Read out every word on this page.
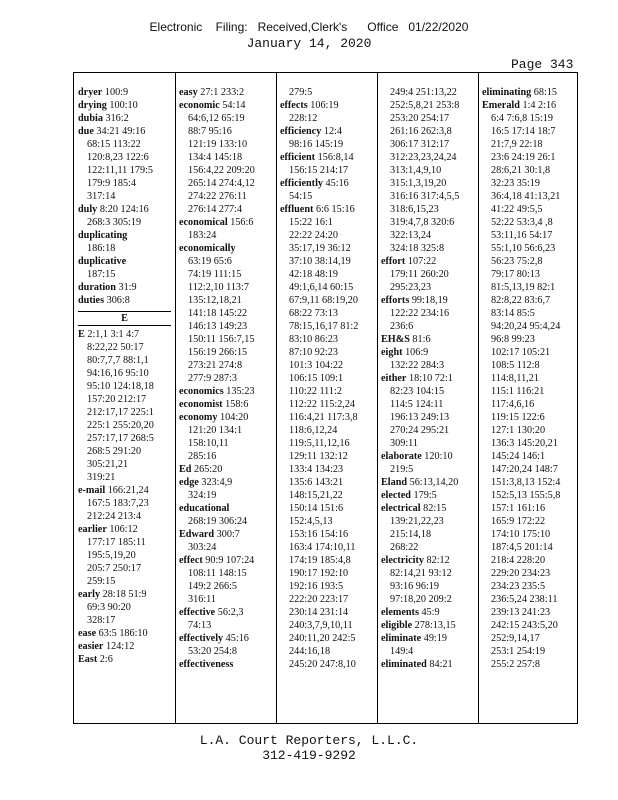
Electronic    Filing:   Received,Clerk's      Office   01/22/2020
January 14, 2020
Page 343
dryer 100:9
drying 100:10
dubia 316:2
due 34:21 49:16
68:15 113:22
120:8,23 122:6
122:11,11 179:5
179:9 185:4
317:14
duly 8:20 124:16
268:3 305:19
duplicating
186:18
duplicative
187:15
duration 31:9
duties 306:8
E
E 2:1,1 3:1 4:7
8:22,22 50:17
80:7,7,7 88:1,1
94:16,16 95:10
95:10 124:18,18
157:20 212:17
212:17,17 225:1
225:1 255:20,20
257:17,17 268:5
268:5 291:20
305:21,21
319:21
e-mail 166:21,24
167:5 183:7,23
212:24 213:4
earlier 106:12
177:17 185:11
195:5,19,20
205:7 250:17
259:15
early 28:18 51:9
69:3 90:20
328:17
ease 63:5 186:10
easier 124:12
East 2:6
easy 27:1 233:2
economic 54:14
64:6,12 65:19
88:7 95:16
121:19 133:10
134:4 145:18
156:4,22 209:20
265:14 274:4,12
274:22 276:11
276:14 277:4
economical 156:6
183:24
economically
63:19 65:6
74:19 111:15
112:2,10 113:7
135:12,18,21
141:18 145:22
146:13 149:23
150:11 156:7,15
156:19 266:15
273:21 274:8
277:9 287:3
economics 135:23
economist 158:6
economy 104:20
121:20 134:1
158:10,11
285:16
Ed 265:20
edge 323:4,9
324:19
educational
268:19 306:24
Edward 300:7
303:24
effect 90:9 107:24
108:11 148:15
149:2 266:5
316:11
effective 56:2,3
74:13
effectively 45:16
53:20 254:8
effectiveness
279:5
effects 106:19
228:12
efficiency 12:4
98:16 145:19
efficient 156:8,14
156:15 214:17
efficiently 45:16
54:15
effluent 6:6 15:16
15:22 16:1
22:22 24:20
35:17,19 36:12
37:10 38:14,19
42:18 48:19
49:1,6,14 60:15
67:9,11 68:19,20
68:22 73:13
78:15,16,17 81:2
83:10 86:23
87:10 92:23
101:3 104:22
106:15 109:1
110:22 111:2
112:22 115:2,24
116:4,21 117:3,8
118:6,12,24
119:5,11,12,16
129:11 132:12
133:4 134:23
135:6 143:21
148:15,21,22
150:14 151:6
152:4,5,13
153:16 154:16
163:4 174:10,11
174:19 185:4,8
190:17 192:10
192:16 193:5
222:20 223:17
230:14 231:14
240:3,7,9,10,11
240:11,20 242:5
244:16,18
245:20 247:8,10
249:4 251:13,22
252:5,8,21 253:8
253:20 254:17
261:16 262:3,8
306:17 312:17
312:23,23,24,24
313:1,4,9,10
315:1,3,19,20
316:16 317:4,5,5
318:6,15,23
319:4,7,8 320:6
322:13,24
324:18 325:8
effort 107:22
179:11 260:20
295:23,23
efforts 99:18,19
122:22 234:16
236:6
EH&S 81:6
eight 106:9
132:22 284:3
either 18:10 72:1
82:23 104:15
114:5 124:11
196:13 249:13
270:24 295:21
309:11
elaborate 120:10
219:5
Eland 56:13,14,20
elected 179:5
electrical 82:15
139:21,22,23
215:14,18
268:22
electricity 82:12
82:14,21 93:12
93:16 96:19
97:18,20 209:2
elements 45:9
eligible 278:13,15
eliminate 49:19
149:4
eliminated 84:21
eliminating 68:15
Emerald 1:4 2:16
6:4 7:6,8 15:19
16:5 17:14 18:7
21:7,9 22:18
23:6 24:19 26:1
28:6,21 30:1,8
32:23 35:19
36:4,18 41:13,21
41:22 49:5,5
52:22 53:3,4 ,8
53:11,16 54:17
55:1,10 56:6,23
56:23 75:2,8
79:17 80:13
81:5,13,19 82:1
82:8,22 83:6,7
83:14 85:5
94:20,24 95:4,24
96:8 99:23
102:17 105:21
108:5 112:8
114:8,11,21
115:1 116:21
117:4,6,16
119:15 122:6
127:1 130:20
136:3 145:20,21
145:24 146:1
147:20,24 148:7
151:3,8,13 152:4
152:5,13 155:5,8
157:1 161:16
165:9 172:22
174:10 175:10
187:4,5 201:14
218:4 228:20
229:20 234:23
234:23 235:5
236:5,24 238:11
239:13 241:23
242:15 243:5,20
252:9,14,17
253:1 254:19
255:2 257:8
L.A. Court Reporters, L.L.C.
312-419-9292
